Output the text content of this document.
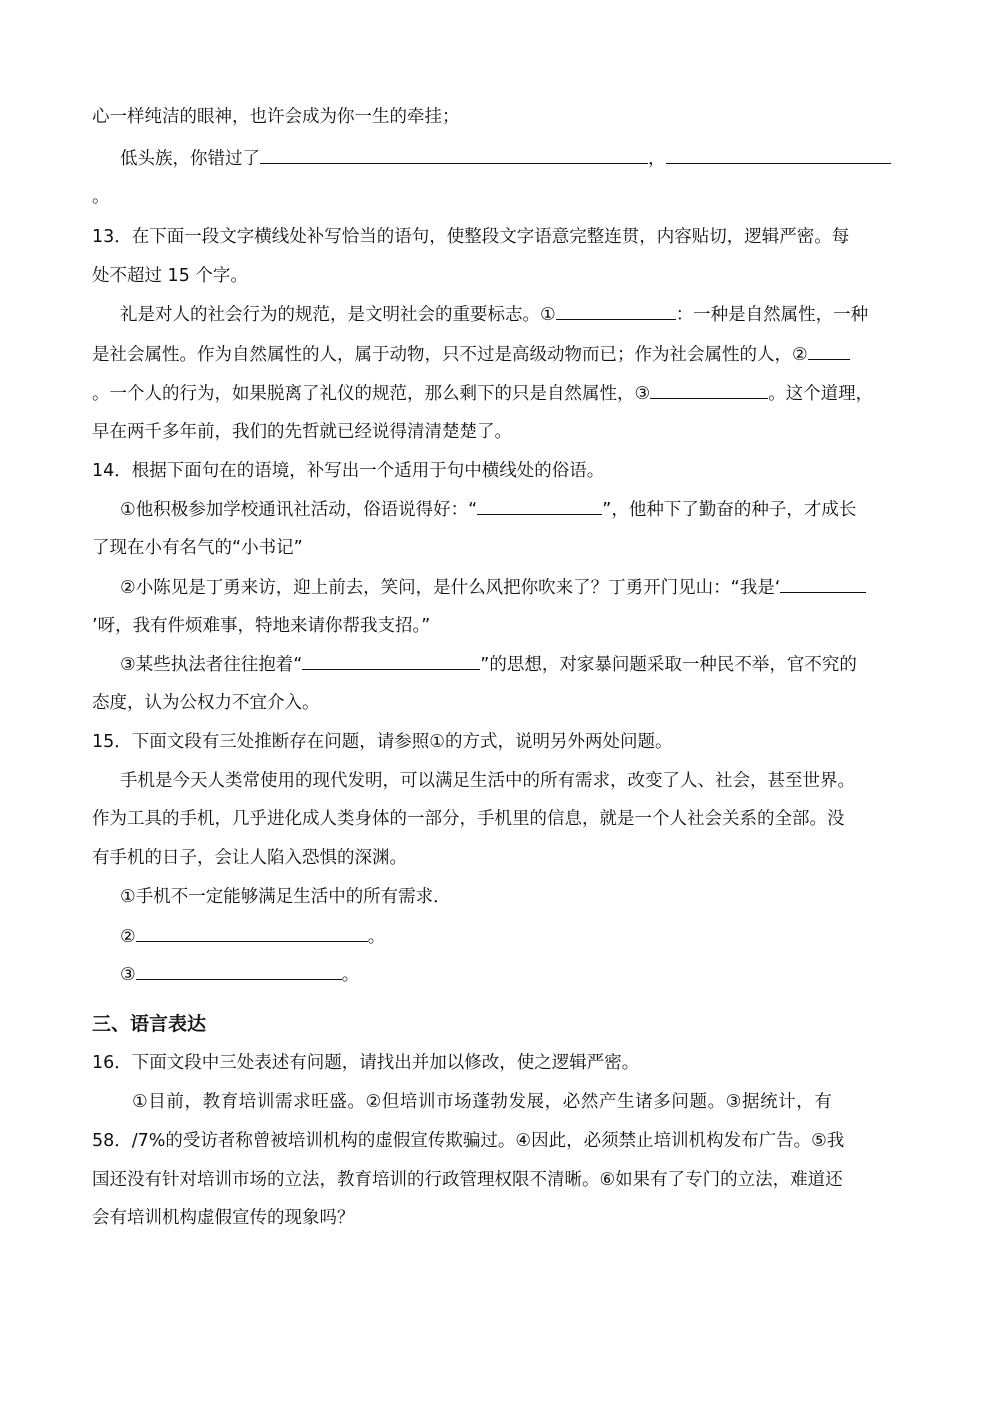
心一样纯洁的眼神，也许会成为你一生的牵挂；
低头族，你错过了	，
。
13．在下面一段文字横线处补写恰当的语句，使整段文字语意完整连贯，内容贴切，逻辑严密。每
处不超过 15 个字。
礼是对人的社会行为的规范，是文明社会的重要标志。①	：一种是自然属性，一种
是社会属性。作为自然属性的人，属于动物，只不过是高级动物而已；作为社会属性的人，②
。一个人的行为，如果脱离了礼仪的规范，那么剩下的只是自然属性，③	。这个道理，
早在两千多年前，我们的先哲就已经说得清清楚楚了。
14．根据下面句在的语境，补写出一个适用于句中横线处的俗语。
①他积极参加学校通讯社活动，俗语说得好：“	”，他种下了勤奋的种子，才成长
了现在小有名气的“小书记”
②小陈见是丁勇来访，迎上前去，笑问，是什么风把你吹来了？丁勇开门见山：“我是‘
’呀，我有件烦难事，特地来请你帮我支招。”
③某些执法者往往抱着“	”的思想，对家暴问题采取一种民不举，官不究的
态度，认为公权力不宜介入。
15．下面文段有三处推断存在问题，请参照①的方式，说明另外两处问题。
手机是今天人类常使用的现代发明，可以满足生活中的所有需求，改变了人、社会，甚至世界。
作为工具的手机，几乎进化成人类身体的一部分，手机里的信息，就是一个人社会关系的全部。没
有手机的日子，会让人陷入恐惧的深渊。
①手机不一定能够满足生活中的所有需求．
②	。
③	。
三、语言表达
16．下面文段中三处表述有问题，请找出并加以修改，使之逻辑严密。
①目前，教育培训需求旺盛。②但培训市场蓬勃发展，必然产生诸多问题。③据统计，有
58．/7%的受访者称曾被培训机构的虚假宣传欺骗过。④因此，必须禁止培训机构发布广告。⑤我
国还没有针对培训市场的立法，教育培训的行政管理权限不清晰。⑥如果有了专门的立法，难道还
会有培训机构虚假宣传的现象吗？
